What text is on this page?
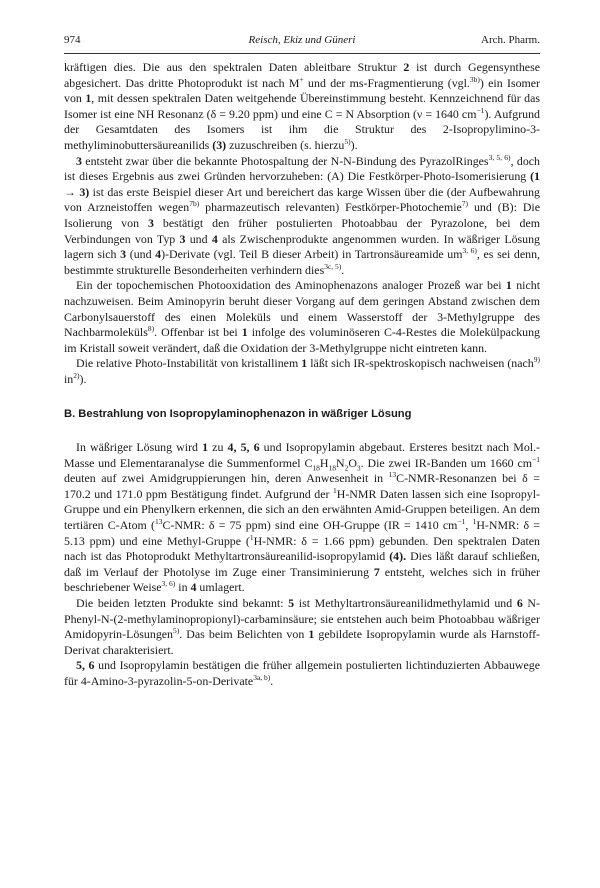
974	Reisch, Ekiz und Güneri	Arch. Pharm.

kräftigen dies. Die aus den spektralen Daten ableitbare Struktur 2 ist durch Gegensynthese abgesichert. Das dritte Photoprodukt ist nach M+ und der ms-Fragmentierung (vgl.$^{3b)}$) ein Isomer von 1, mit dessen spektralen Daten weitgehende Übereinstimmung besteht. Kennzeichnend für das Isomer ist eine NH Resonanz (δ = 9.20 ppm) und eine C = N Absorption (ν = 1640 $cm^{-1}$). Aufgrund der Gesamtdaten des Isomers ist ihm die Struktur des 2-Isopropylimino-3-methyliminobuttersäureanilids (3) zuzuschreiben (s. hierzu$^{5)}$).

3 entsteht zwar über die bekannte Photospaltung der N-N-Bindung des PyrazolRinges$^{3, 5, 6)}$, doch ist dieses Ergebnis aus zwei Gründen hervorzuheben: (A) Die Festkörper-Photo-Isomerisierung (1 → 3) ist das erste Beispiel dieser Art und bereichert das karge Wissen über die (der Aufbewahrung von Arzneistoffen wegen$^{7b)}$ pharmazeutisch relevanten) Festkörper-Photochemie$^{7)}$ und (B): Die Isolierung von 3 bestätigt den früher postulierten Photoabbau der Pyrazolone, bei dem Verbindungen von Typ 3 und 4 als Zwischenprodukte angenommen wurden. In wäßriger Lösung lagern sich 3 (und 4)-Derivate (vgl. Teil B dieser Arbeit) in Tartronsäureamide um$^{3, 6)}$, es sei denn, bestimmte strukturelle Besonderheiten verhindern dies$^{3c, 5)}$.

Ein der topochemischen Photooxidation des Aminophenazons analoger Prozeß war bei 1 nicht nachzuweisen. Beim Aminopyrin beruht dieser Vorgang auf dem geringen Abstand zwischen dem Carbonylsauerstoff des einen Moleküls und einem Wasserstoff der 3-Methylgruppe des Nachbarmoleküls$^{8)}$. Offenbar ist bei 1 infolge des voluminöseren C-4-Restes die Molekülpackung im Kristall soweit verändert, daß die Oxidation der 3-Methylgruppe nicht eintreten kann.

Die relative Photo-Instabilität von kristallinem 1 läßt sich IR-spektroskopisch nachweisen (nach$^{9)}$ $in^{2)}$).

B. Bestrahlung von Isopropylaminophenazon in wäßriger Lösung

In wäßriger Lösung wird 1 zu 4, 5, 6 und Isopropylamin abgebaut. Ersteres besitzt nach Mol.-Masse und Elementaranalyse die Summenformel $C_{18}H_{18}N_2O_3$. Die zwei IR-Banden um 1660 $cm^{-1}$ deuten auf zwei Amidgruppierungen hin, deren Anwesenheit in $^{13}$C-NMR-Resonanzen bei δ = 170.2 und 171.0 ppm Bestätigung findet. Aufgrund der $^1$H-NMR Daten lassen sich eine Isopropyl-Gruppe und ein Phenylkern erkennen, die sich an den erwähnten Amid-Gruppen beteiligen. An dem tertiären C-Atom ($^{13}$C-NMR: δ = 75 ppm) sind eine OH-Gruppe (IR = 1410 $cm^{-1}$, $^1$H-NMR: δ = 5.13 ppm) und eine Methyl-Gruppe ($^1$H-NMR: δ = 1.66 ppm) gebunden. Den spektralen Daten nach ist das Photoprodukt Methyltartronsäureanilid-isopropylamid (4). Dies läßt darauf schließen, daß im Verlauf der Photolyse im Zuge einer Transiminierung 7 entsteht, welches sich in früher beschriebener Weise$^{3, 6)}$ in 4 umlagert.

Die beiden letzten Produkte sind bekannt: 5 ist Methyltartronsäureanilidmethylamid und 6 N-Phenyl-N-(2-methylaminopropionyl)-carbaminsäure; sie entstehen auch beim Photoabbau wäßriger Amidopyrin-Lösungen$^{5)}$. Das beim Belichten von 1 gebildete Isopropylamin wurde als Harnstoff-Derivat charakterisiert.

5, 6 und Isopropylamin bestätigen die früher allgemein postulierten lichtinduzierten Abbauwege für 4-Amino-3-pyrazolin-5-on-Derivate$^{3a, b)}$.
